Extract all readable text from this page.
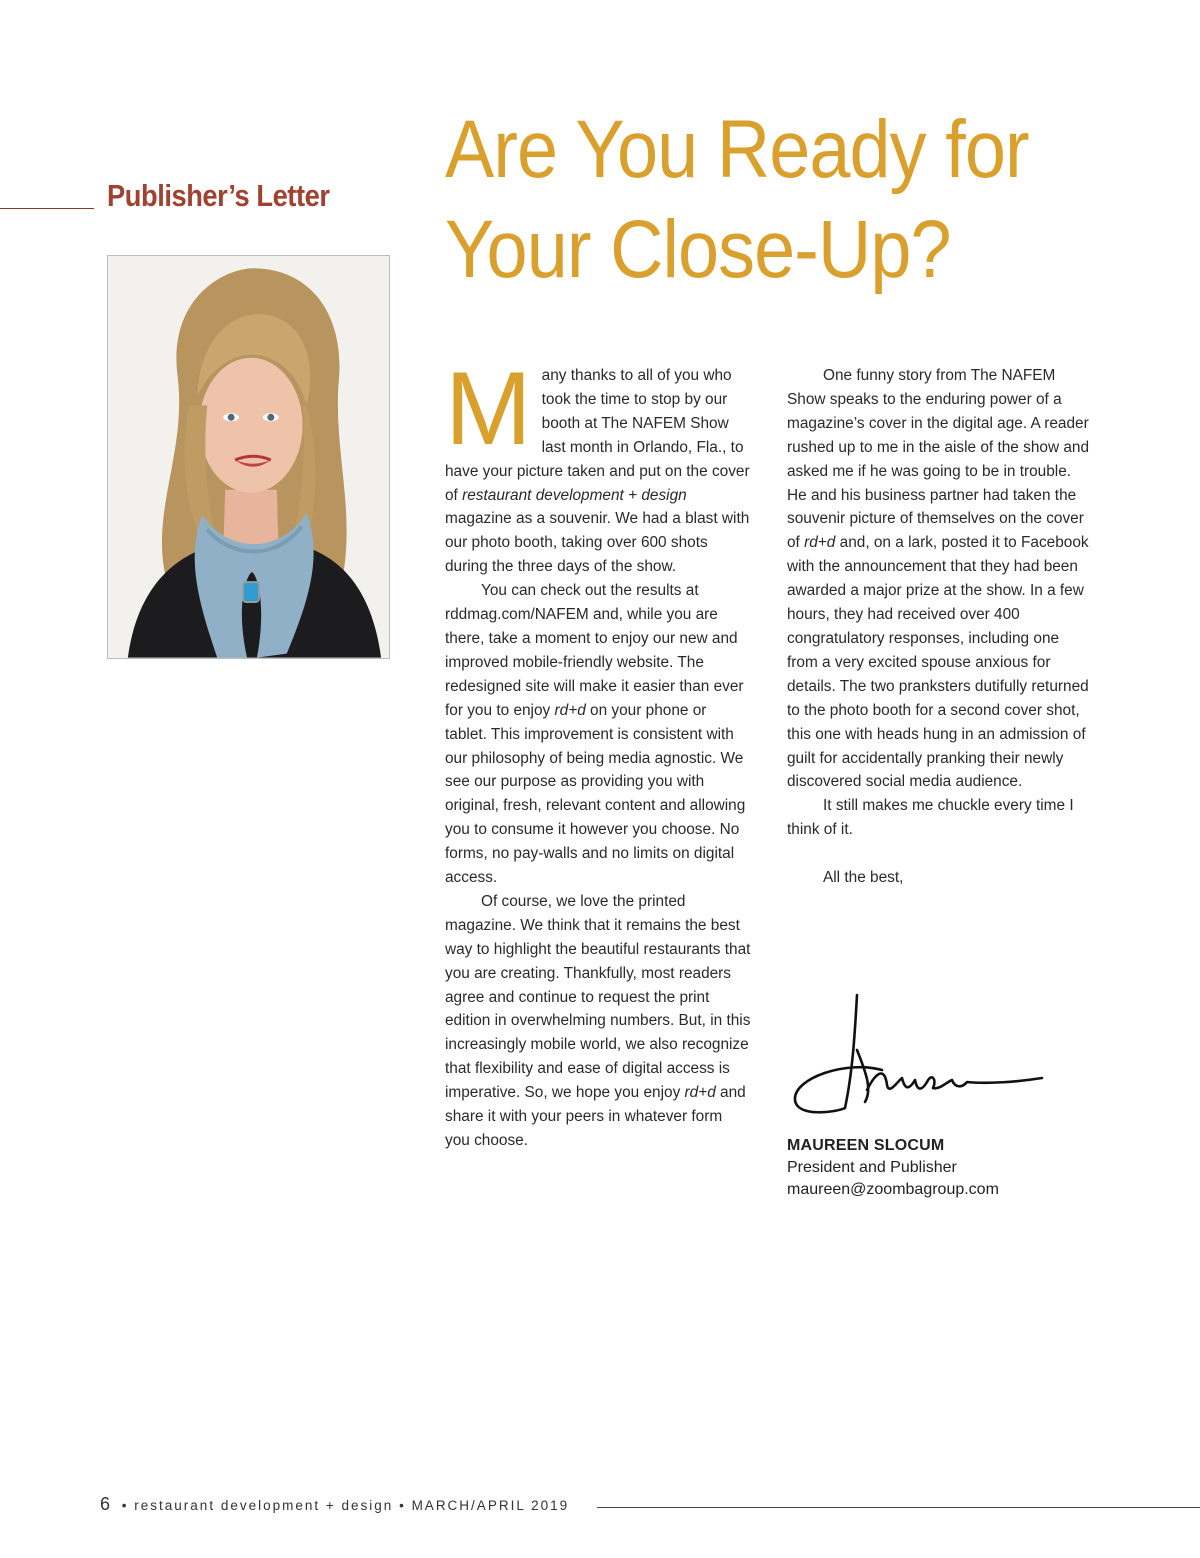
Publisher’s Letter
Are You Ready for
Your Close-Up?

Many thanks to all of you who took the time to stop by our booth at The NAFEM Show last month in Orlando, Fla., to have your picture taken and put on the cover of restaurant development + design magazine as a souvenir. We had a blast with our photo booth, taking over 600 shots during the three days of the show.

You can check out the results at rddmag.com/NAFEM and, while you are there, take a moment to enjoy our new and improved mobile-friendly website. The redesigned site will make it easier than ever for you to enjoy rd+d on your phone or tablet. This improvement is consistent with our philosophy of being media agnostic. We see our purpose as providing you with original, fresh, relevant content and allowing you to consume it however you choose. No forms, no pay-walls and no limits on digital access.

Of course, we love the printed magazine. We think that it remains the best way to highlight the beautiful restaurants that you are creating. Thankfully, most readers agree and continue to request the print edition in overwhelming numbers. But, in this increasingly mobile world, we also recognize that flexibility and ease of digital access is imperative. So, we hope you enjoy rd+d and share it with your peers in whatever form you choose.

One funny story from The NAFEM Show speaks to the enduring power of a magazine’s cover in the digital age. A reader rushed up to me in the aisle of the show and asked me if he was going to be in trouble. He and his business partner had taken the souvenir picture of themselves on the cover of rd+d and, on a lark, posted it to Facebook with the announcement that they had been awarded a major prize at the show. In a few hours, they had received over 400 congratulatory responses, including one from a very excited spouse anxious for details. The two pranksters dutifully returned to the photo booth for a second cover shot, this one with heads hung in an admission of guilt for accidentally pranking their newly discovered social media audience.

It still makes me chuckle every time I think of it.

All the best,

MAUREEN SLOCUM
President and Publisher
maureen@zoombagroup.com
6 • restaurant development + design • MARCH/APRIL 2019
